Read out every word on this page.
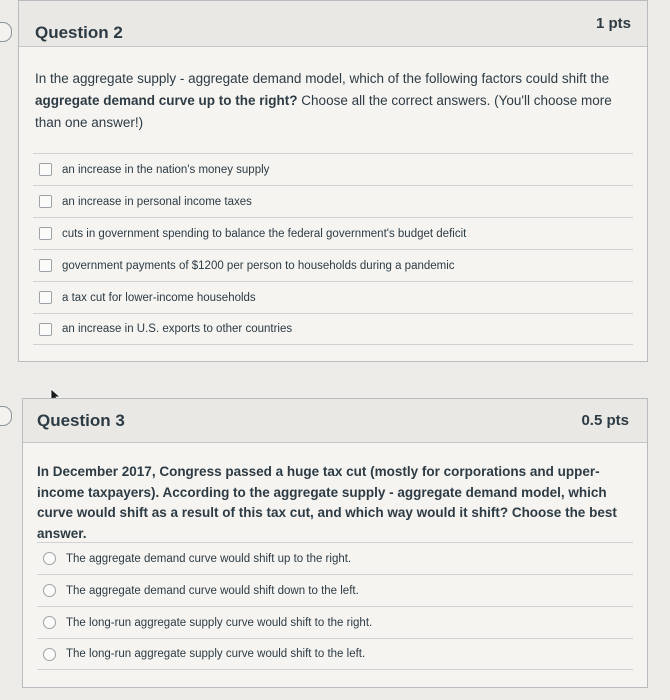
Question 2	1 pts
In the aggregate supply - aggregate demand model, which of the following factors could shift the aggregate demand curve up to the right? Choose all the correct answers. (You'll choose more than one answer!)
an increase in the nation's money supply
an increase in personal income taxes
cuts in government spending to balance the federal government's budget deficit
government payments of $1200 per person to households during a pandemic
a tax cut for lower-income households
an increase in U.S. exports to other countries
Question 3	0.5 pts
In December 2017, Congress passed a huge tax cut (mostly for corporations and upper-income taxpayers). According to the aggregate supply - aggregate demand model, which curve would shift as a result of this tax cut, and which way would it shift? Choose the best answer.
The aggregate demand curve would shift up to the right.
The aggregate demand curve would shift down to the left.
The long-run aggregate supply curve would shift to the right.
The long-run aggregate supply curve would shift to the left.
